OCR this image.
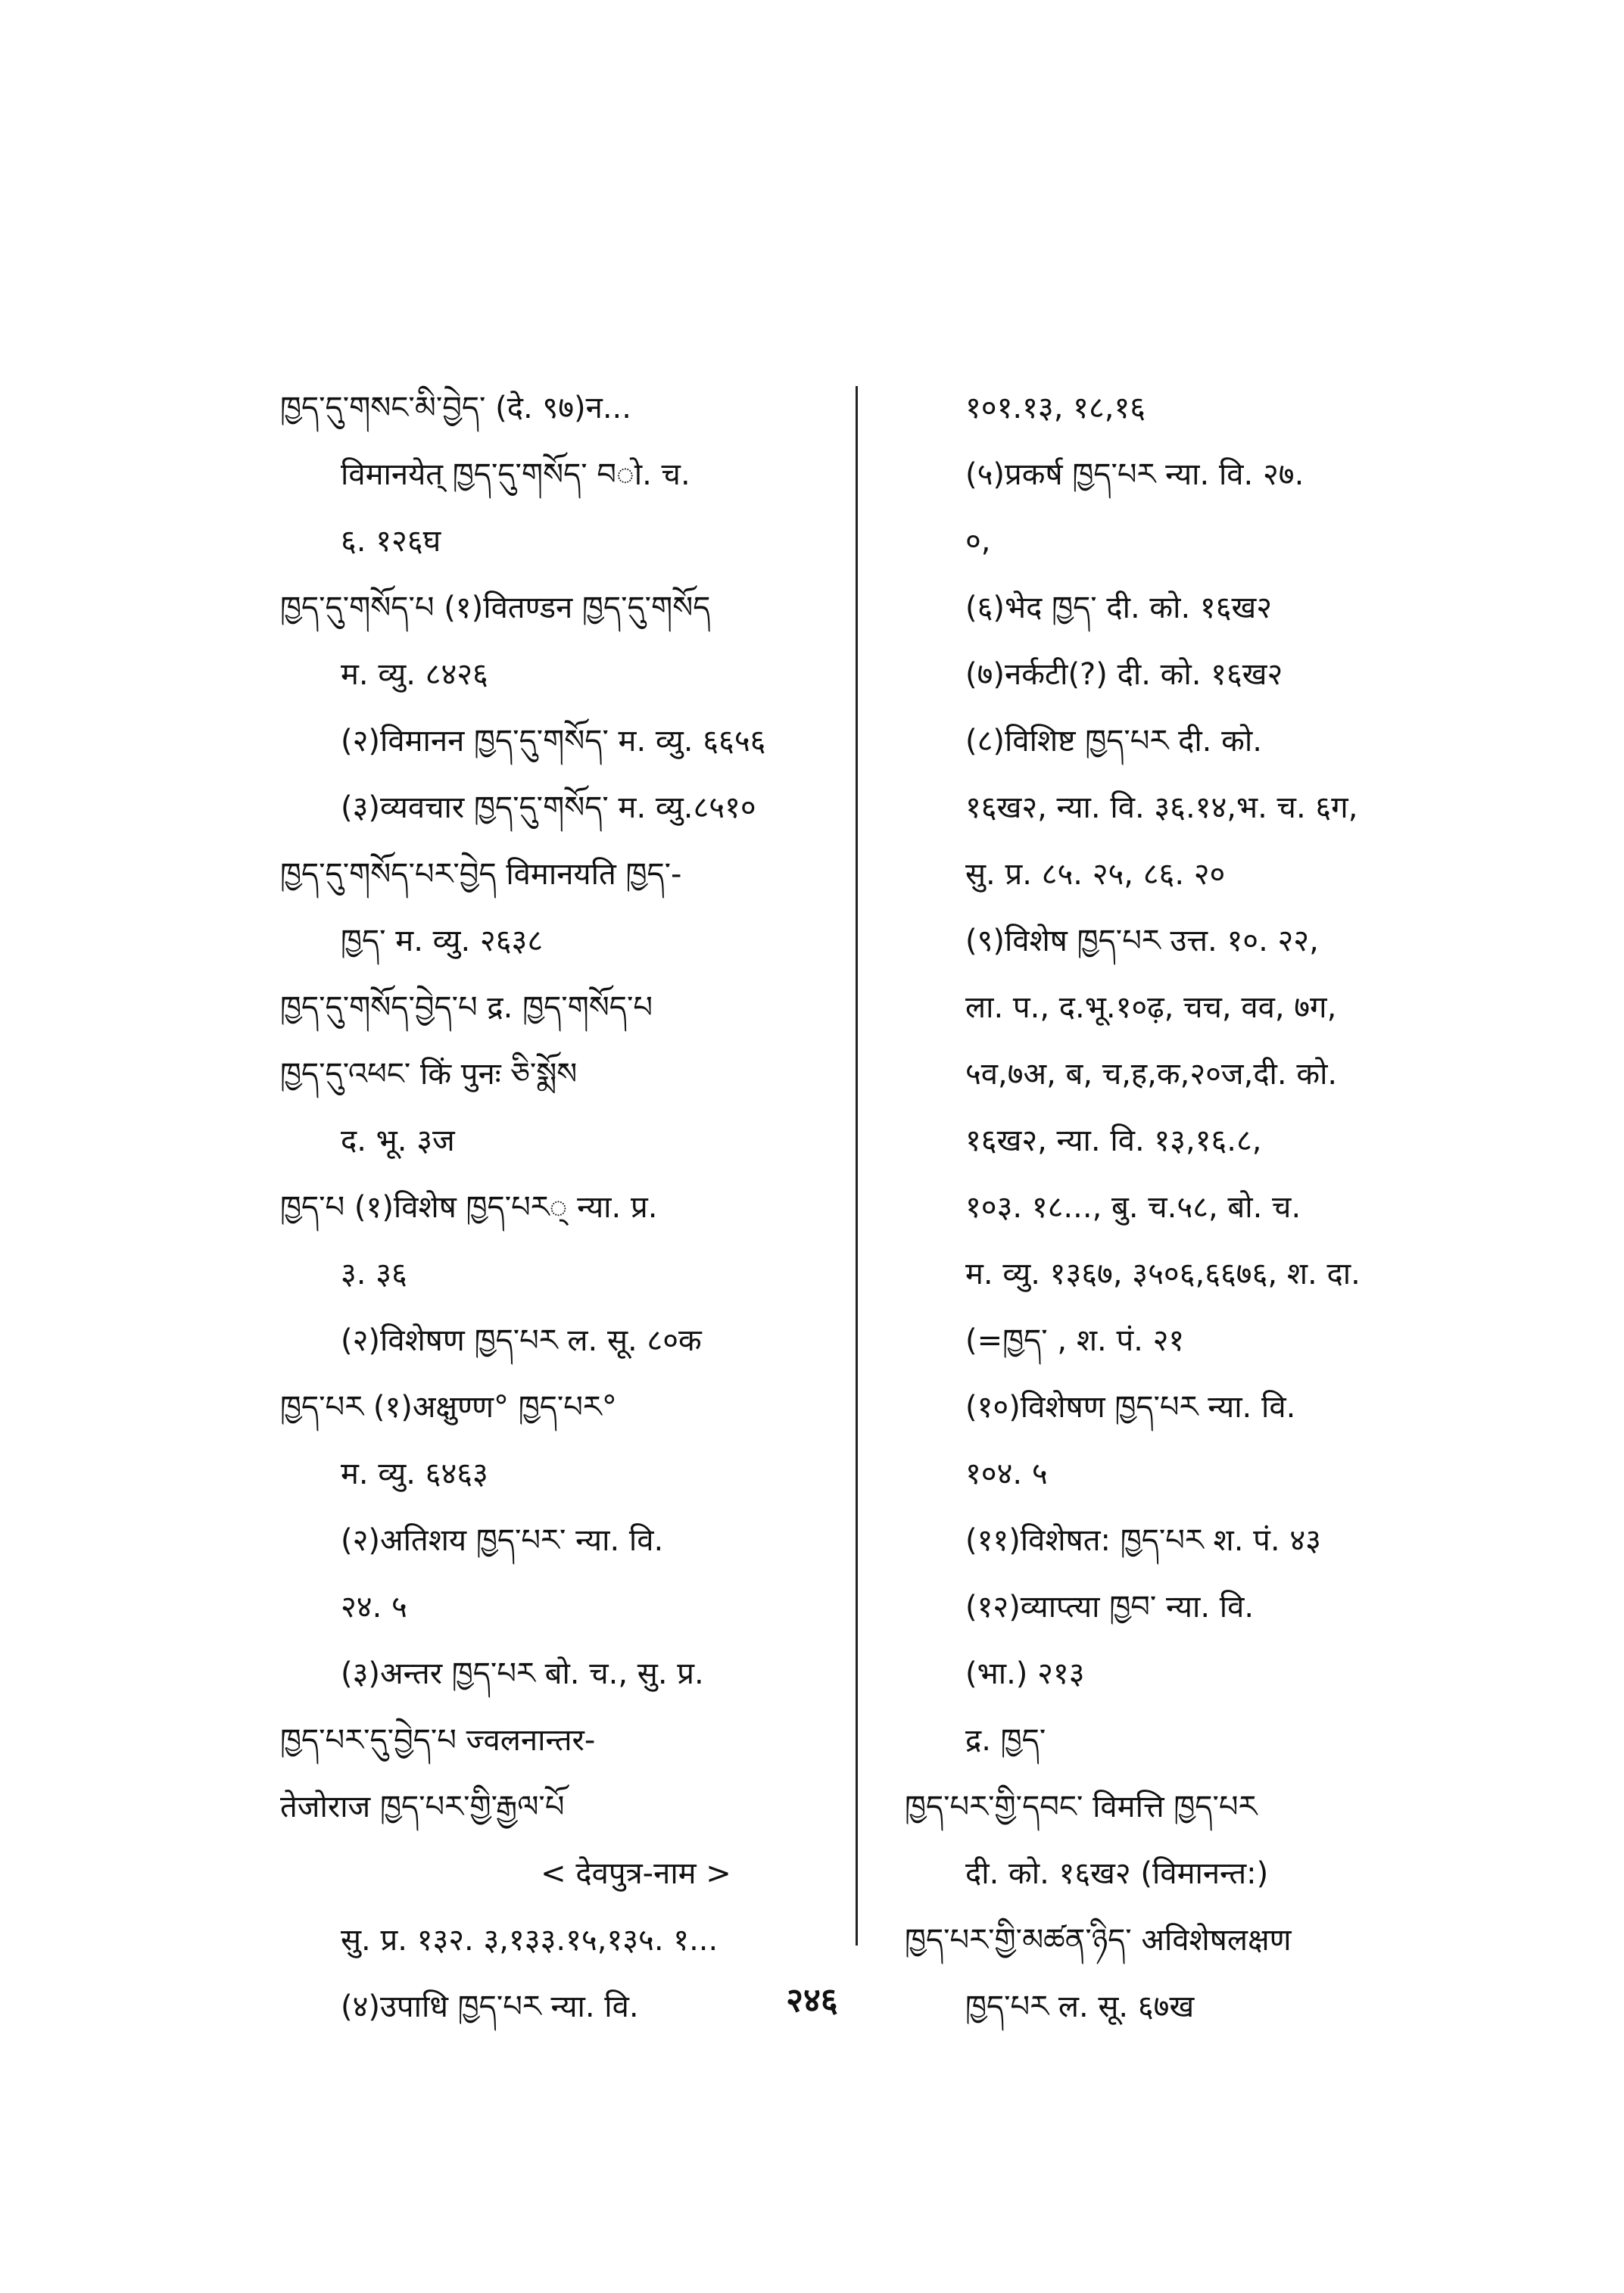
ཁྱད་དུ་གསང་མི་བྱེད་ (दे. ९७)न...
विमानयेत् ཁྱད་དུ་གསོད་ བो. च.
६. १२६घ
ཁྱད་དུ་གསོད་པ (१)वितण्डन ཁྱད་དུ་གསོད
म. व्यु. ८४२६
(२)विमानन ཁྱད་དུ་གསོད་ म. व्यु. ६६५६
(३)व्यवचार ཁྱད་དུ་གསོད་ म. व्यु.८५१०
ཁྱད་དུ་གསོད་པར་བྱེད विमानयति ཁྱད་-
ཁྱད་ म. व्यु. २६३८
ཁྱད་དུ་གསོད་བྱེད་པ द्र. ཁྱད་གསོད་པ
ཁྱད་དུ་འཕང་ किं पुनः ཅི་སྨོས
द. भू. ३ज
ཁྱད་པ (१)विशेष ཁྱད་པར् न्या. प्र.
३. ३६
(२)विशेषण ཁྱད་པར ल. सू. ८०क
ཁྱད་པར (१)अक्षुण्ण° ཁྱད་པར°
म. व्यु. ६४६३
(२)अतिशय ཁྱད་པར་ न्या. वि.
२४. ५
(३)अन्तर ཁྱད་པར बो. च., सु. प्र.
ཁྱད་པར་དུ་བྱེད་པ ज्वलनान्तर-
तेजोराज ཁྱད་པར་གྱི་རྒྱལ་པོ
< देवपुत्र-नाम >
सु. प्र. १३२. ३,१३३.१५,१३५. १...
(४)उपाधि ཁྱད་པར न्या. वि.
१०१.१३, १८,१६
(५)प्रकर्ष ཁྱད་པར न्या. वि. २७.
०,
(६)भेद ཁྱད་ दी. को. १६ख२
(७)नर्कटी(?) दी. को. १६ख२
(८)विशिष्ट ཁྱད་པར दी. को.
१६ख२, न्या. वि. ३६.१४,भ. च. ६ग,
सु. प्र. ८५. २५, ८६. २०
(९)विशेष ཁྱད་པར उत्त. १०. २२,
ला. प., द.भू.१०ढ़, चच, वव, ७ग,
५व,७अ, ब, च,ह,क,२०ज,दी. को.
१६ख२, न्या. वि. १३,१६.८,
१०३. १८..., बु. च.५८, बो. च.
म. व्यु. १३६७, ३५०६,६६७६, श. दा.
(=ཁྱད་ , श. पं. २१
(१०)विशेषण ཁྱད་པར न्या. वि.
१०४. ५
(११)विशेषत: ཁྱད་པར श. पं. ४३
(१२)व्याप्त्या ཁྱབ་ न्या. वि.
(भा.) २१३
द्र. ཁྱད་
ཁྱད་པར་གྱི་དབང་ विमत्ति ཁྱད་པར
दी. को. १६ख२ (विमानन्त:)
ཁྱད་པར་གྱི་མཚན་ཉིད་ अविशेषलक्षण
ཁྱད་པར ल. सू. ६७ख
२४६
